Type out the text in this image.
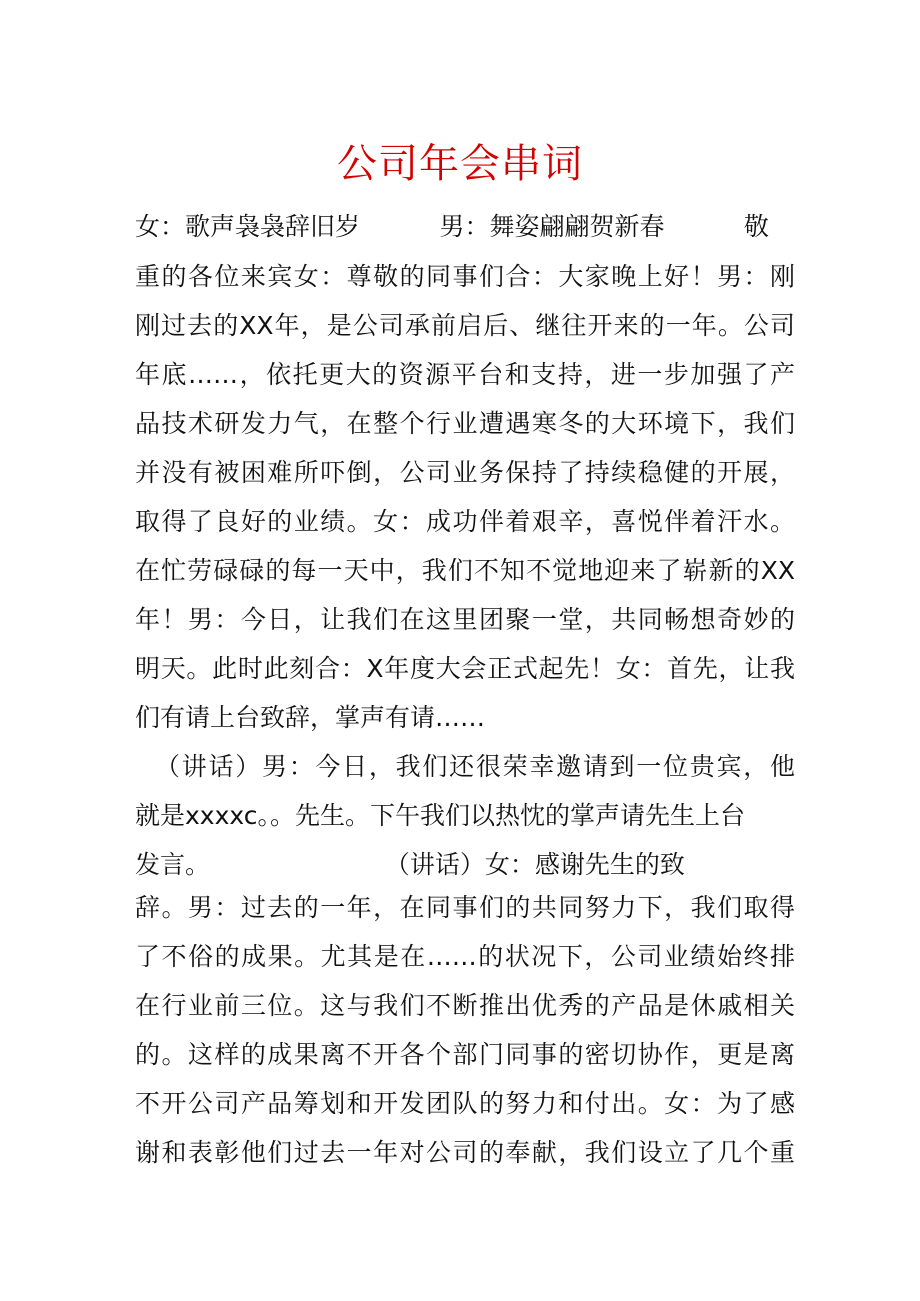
公司年会串词
女：歌声袅袅辞旧岁          男：舞姿翩翩贺新春          敬
重的各位来宾女：尊敬的同事们合：大家晚上好！男：刚
刚过去的XX年，是公司承前启后、继往开来的一年。公司
年底……，依托更大的资源平台和支持，进一步加强了产
品技术研发力气，在整个行业遭遇寒冬的大环境下，我们
并没有被困难所吓倒，公司业务保持了持续稳健的开展，
取得了良好的业绩。女：成功伴着艰辛，喜悦伴着汗水。
在忙劳碌碌的每一天中，我们不知不觉地迎来了崭新的XX
年！男：今日，让我们在这里团聚一堂，共同畅想奇妙的
明天。此时此刻合：X年度大会正式起先！女：首先，让我
们有请上台致辞，掌声有请……
（讲话）男：今日，我们还很荣幸邀请到一位贵宾，他
就是xxxxc。。先生。下午我们以热忱的掌声请先生上台
发言。                      （讲话）女：感谢先生的致
辞。男：过去的一年，在同事们的共同努力下，我们取得
了不俗的成果。尤其是在……的状况下，公司业绩始终排
在行业前三位。这与我们不断推出优秀的产品是休戚相关
的。这样的成果离不开各个部门同事的密切协作，更是离
不开公司产品筹划和开发团队的努力和付出。女：为了感
谢和表彰他们过去一年对公司的奉献，我们设立了几个重
